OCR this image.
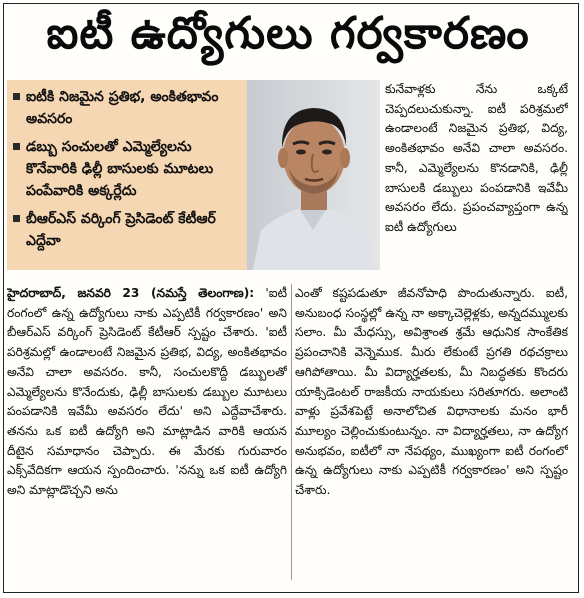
ఐటీ ఉద్యోగులు గర్వకారణం
ఐటీకి నిజమైన ప్రతిభ, అంకితభావం అవసరం
డబ్బు సంచులతో ఎమ్మెల్యేలను కొనేవారికి ఢిల్లీ బాసులకు మూటలు పంపేవారికి అక్కర్లేదు
బీఆర్ఎస్ వర్కింగ్ ప్రెసిడెంట్ కేటీఆర్ ఎద్దేవా
కునేవాళ్లకు నేను ఒక్కటే చెప్పదలుచుకున్నా. ఐటీ పరిశ్రమలో ఉండాలంటే నిజమైన ప్రతిభ, విద్య, అంకితభావం అనేవి చాలా అవసరం. కానీ, ఎమ్మెల్యేలను కొనడానికి, ఢిల్లీ బాసులకి డబ్బులు పంపడానికి ఇవేమీ అవసరం లేదు. ప్రపంచవ్యాప్తంగా ఉన్న ఐటీ ఉద్యోగులు
హైదరాబాద్, జనవరి 23 (నమస్తే తెలంగాణ): 'ఐటీ రంగంలో ఉన్న ఉద్యోగులు నాకు ఎప్పటికీ గర్వకారణం' అని బీఆర్ఎస్ వర్కింగ్ ప్రెసిడెంట్ కేటీఆర్ స్పష్టం చేశారు. 'ఐటీ పరిశ్రమల్లో ఉండాలంటే నిజమైన ప్రతిభ, విద్య, అంకితభావం అనేవి చాలా అవసరం. కానీ, సంచులకొద్దీ డబ్బులతో ఎమ్మెల్యేలను కొనేందుకు, ఢిల్లీ బాసులకు డబ్బుల మూటలు పంపడానికి ఇవేమీ అవసరం లేదు' అని ఎద్దేవాచేశారు. తనను ఒక ఐటీ ఉద్యోగి అని మాట్లాడిన వారికి ఆయన దీటైన సమాధానం చెప్పారు. ఈ మేరకు గురువారం ఎక్స్‌వేదికగా ఆయన స్పందించారు. 'నన్ను ఒక ఐటీ ఉద్యోగి అని మాట్లాడొచ్చని అను
ఎంతో కష్టపడుతూ జీవనోపాధి పొందుతున్నారు. ఐటీ, అనుబంధ సంస్థల్లో ఉన్న నా అక్కాచెల్లెళ్లకు, అన్నదమ్ములకు సలాం. మీ మేధస్సు, అవిశ్రాంత శ్రమే ఆధునిక సాంకేతిక ప్రపంచానికి వెన్నెముక. మీరు లేకుంటే ప్రగతి రథచక్రాలు ఆగిపోతాయి. మీ విద్యార్హతలకు, మీ నిబద్ధతకు కొందరు యాక్సిడెంటల్ రాజకీయ నాయకులు సరితూగరు. అలాంటి వాళ్లు ప్రవేశపెట్టే అనాలోచిత విధానాలకు మనం భారీ మూల్యం చెల్లించుకుంటున్నం. నా విద్యార్హతలు, నా ఉద్యోగ అనుభవం, ఐటీలో నా నేపథ్యం, ముఖ్యంగా ఐటీ రంగంలో ఉన్న ఉద్యోగులు నాకు ఎప్పటికీ గర్వకారణం' అని స్పష్టం చేశారు.
